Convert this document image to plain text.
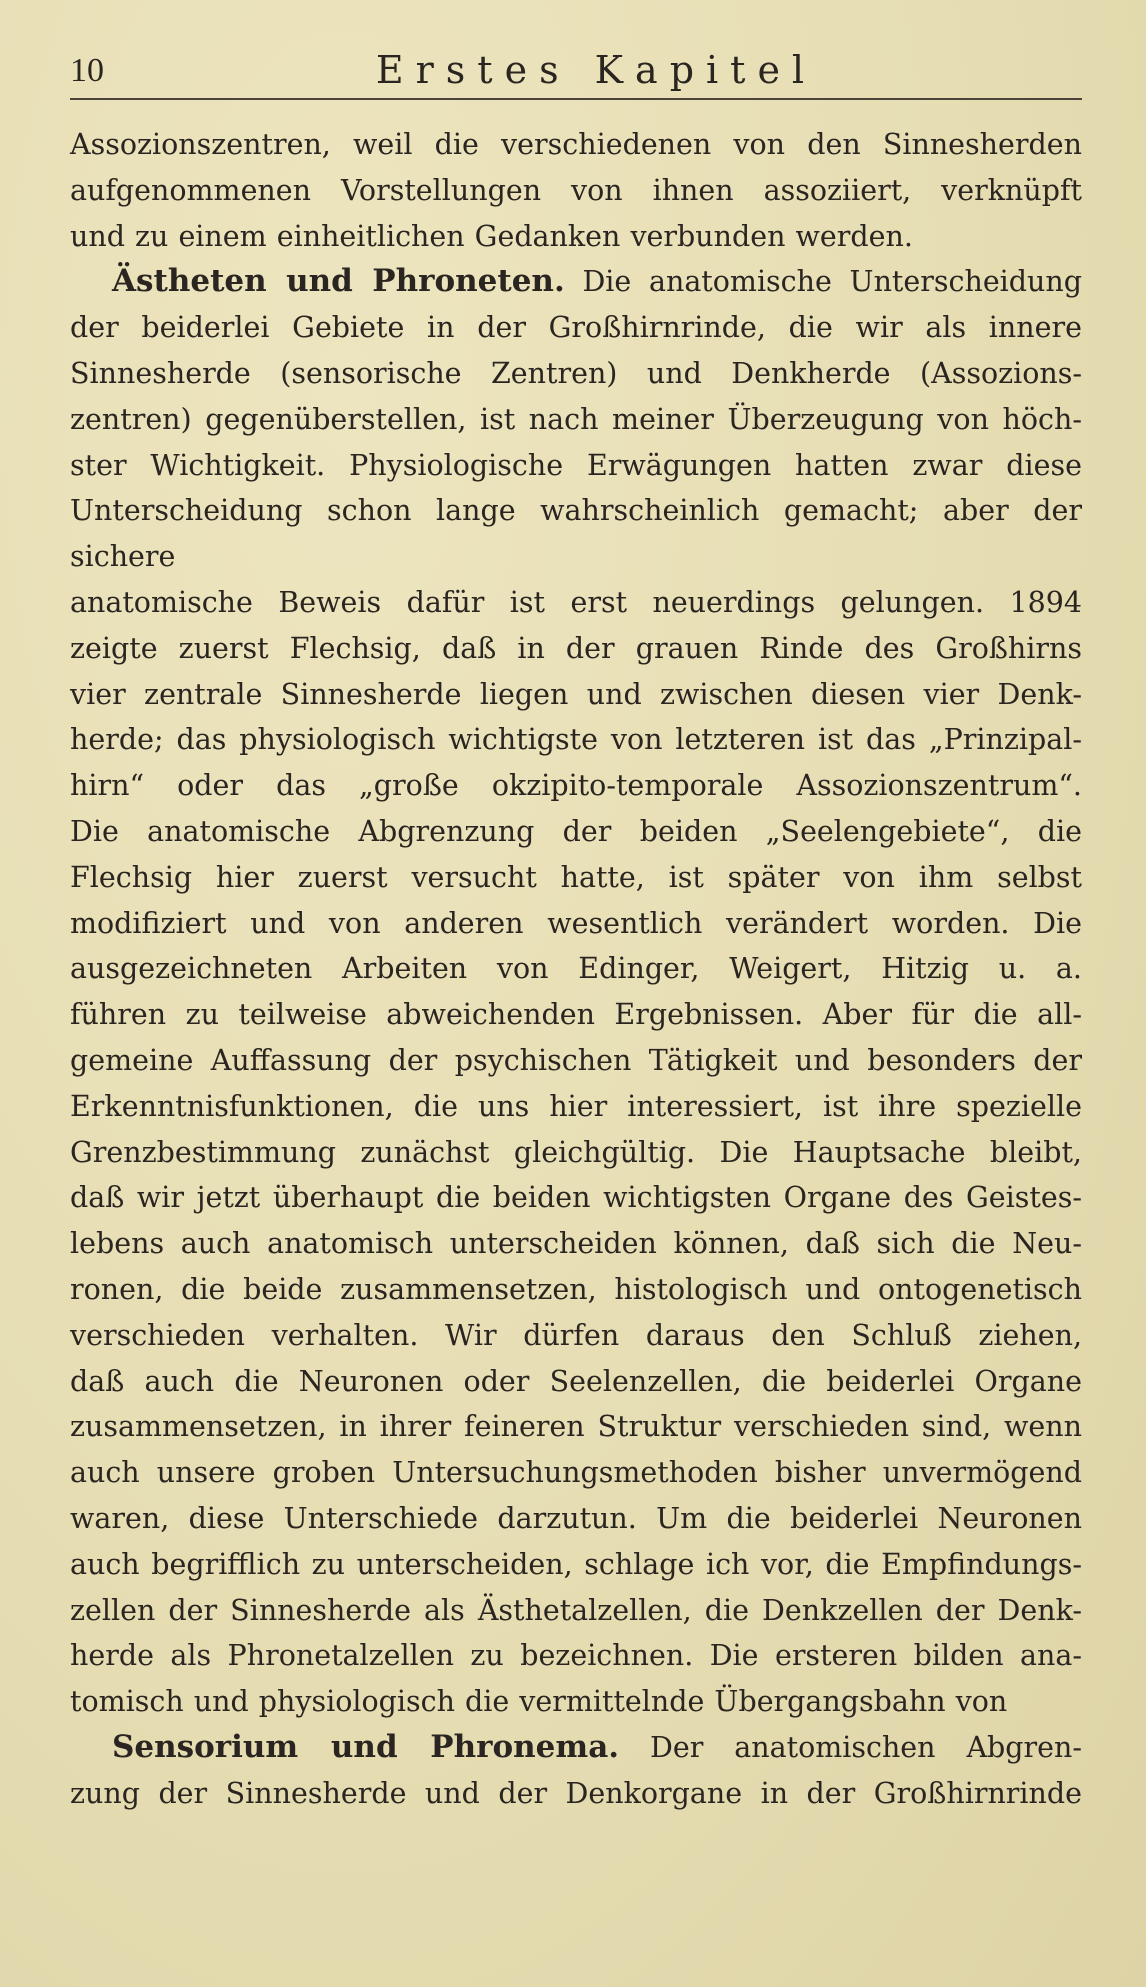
10	Erstes Kapitel

Assozionszentren, weil die verschiedenen von den Sinnesherden
aufgenommenen Vorstellungen von ihnen assoziiert, verknüpft
und zu einem einheitlichen Gedanken verbunden werden.

Ästheten und Phroneten. Die anatomische Unterscheidung
der beiderlei Gebiete in der Großhirnrinde, die wir als innere
Sinnesherde (sensorische Zentren) und Denkherde (Assozions-
zentren) gegenüberstellen, ist nach meiner Überzeugung von höch-
ster Wichtigkeit. Physiologische Erwägungen hatten zwar diese
Unterscheidung schon lange wahrscheinlich gemacht; aber der sichere
anatomische Beweis dafür ist erst neuerdings gelungen. 1894
zeigte zuerst Flechsig, daß in der grauen Rinde des Großhirns
vier zentrale Sinnesherde liegen und zwischen diesen vier Denk-
herde; das physiologisch wichtigste von letzteren ist das „Prinzipal-
hirn“ oder das „große okzipito-temporale Assozionszentrum“.
Die anatomische Abgrenzung der beiden „Seelengebiete“, die
Flechsig hier zuerst versucht hatte, ist später von ihm selbst
modifiziert und von anderen wesentlich verändert worden. Die
ausgezeichneten Arbeiten von Edinger, Weigert, Hitzig u. a.
führen zu teilweise abweichenden Ergebnissen. Aber für die all-
gemeine Auffassung der psychischen Tätigkeit und besonders der
Erkenntnisfunktionen, die uns hier interessiert, ist ihre spezielle
Grenzbestimmung zunächst gleichgültig. Die Hauptsache bleibt,
daß wir jetzt überhaupt die beiden wichtigsten Organe des Geistes-
lebens auch anatomisch unterscheiden können, daß sich die Neu-
ronen, die beide zusammensetzen, histologisch und ontogenetisch
verschieden verhalten. Wir dürfen daraus den Schluß ziehen,
daß auch die Neuronen oder Seelenzellen, die beiderlei Organe
zusammensetzen, in ihrer feineren Struktur verschieden sind, wenn
auch unsere groben Untersuchungsmethoden bisher unvermögend
waren, diese Unterschiede darzutun. Um die beiderlei Neuronen
auch begrifflich zu unterscheiden, schlage ich vor, die Empfindungs-
zellen der Sinnesherde als Ästhetalzellen, die Denkzellen der Denk-
herde als Phronetalzellen zu bezeichnen. Die ersteren bilden ana-
tomisch und physiologisch die vermittelnde Übergangsbahn von

Sensorium und Phronema. Der anatomischen Abgren-
zung der Sinnesherde und der Denkorgane in der Großhirnrinde
